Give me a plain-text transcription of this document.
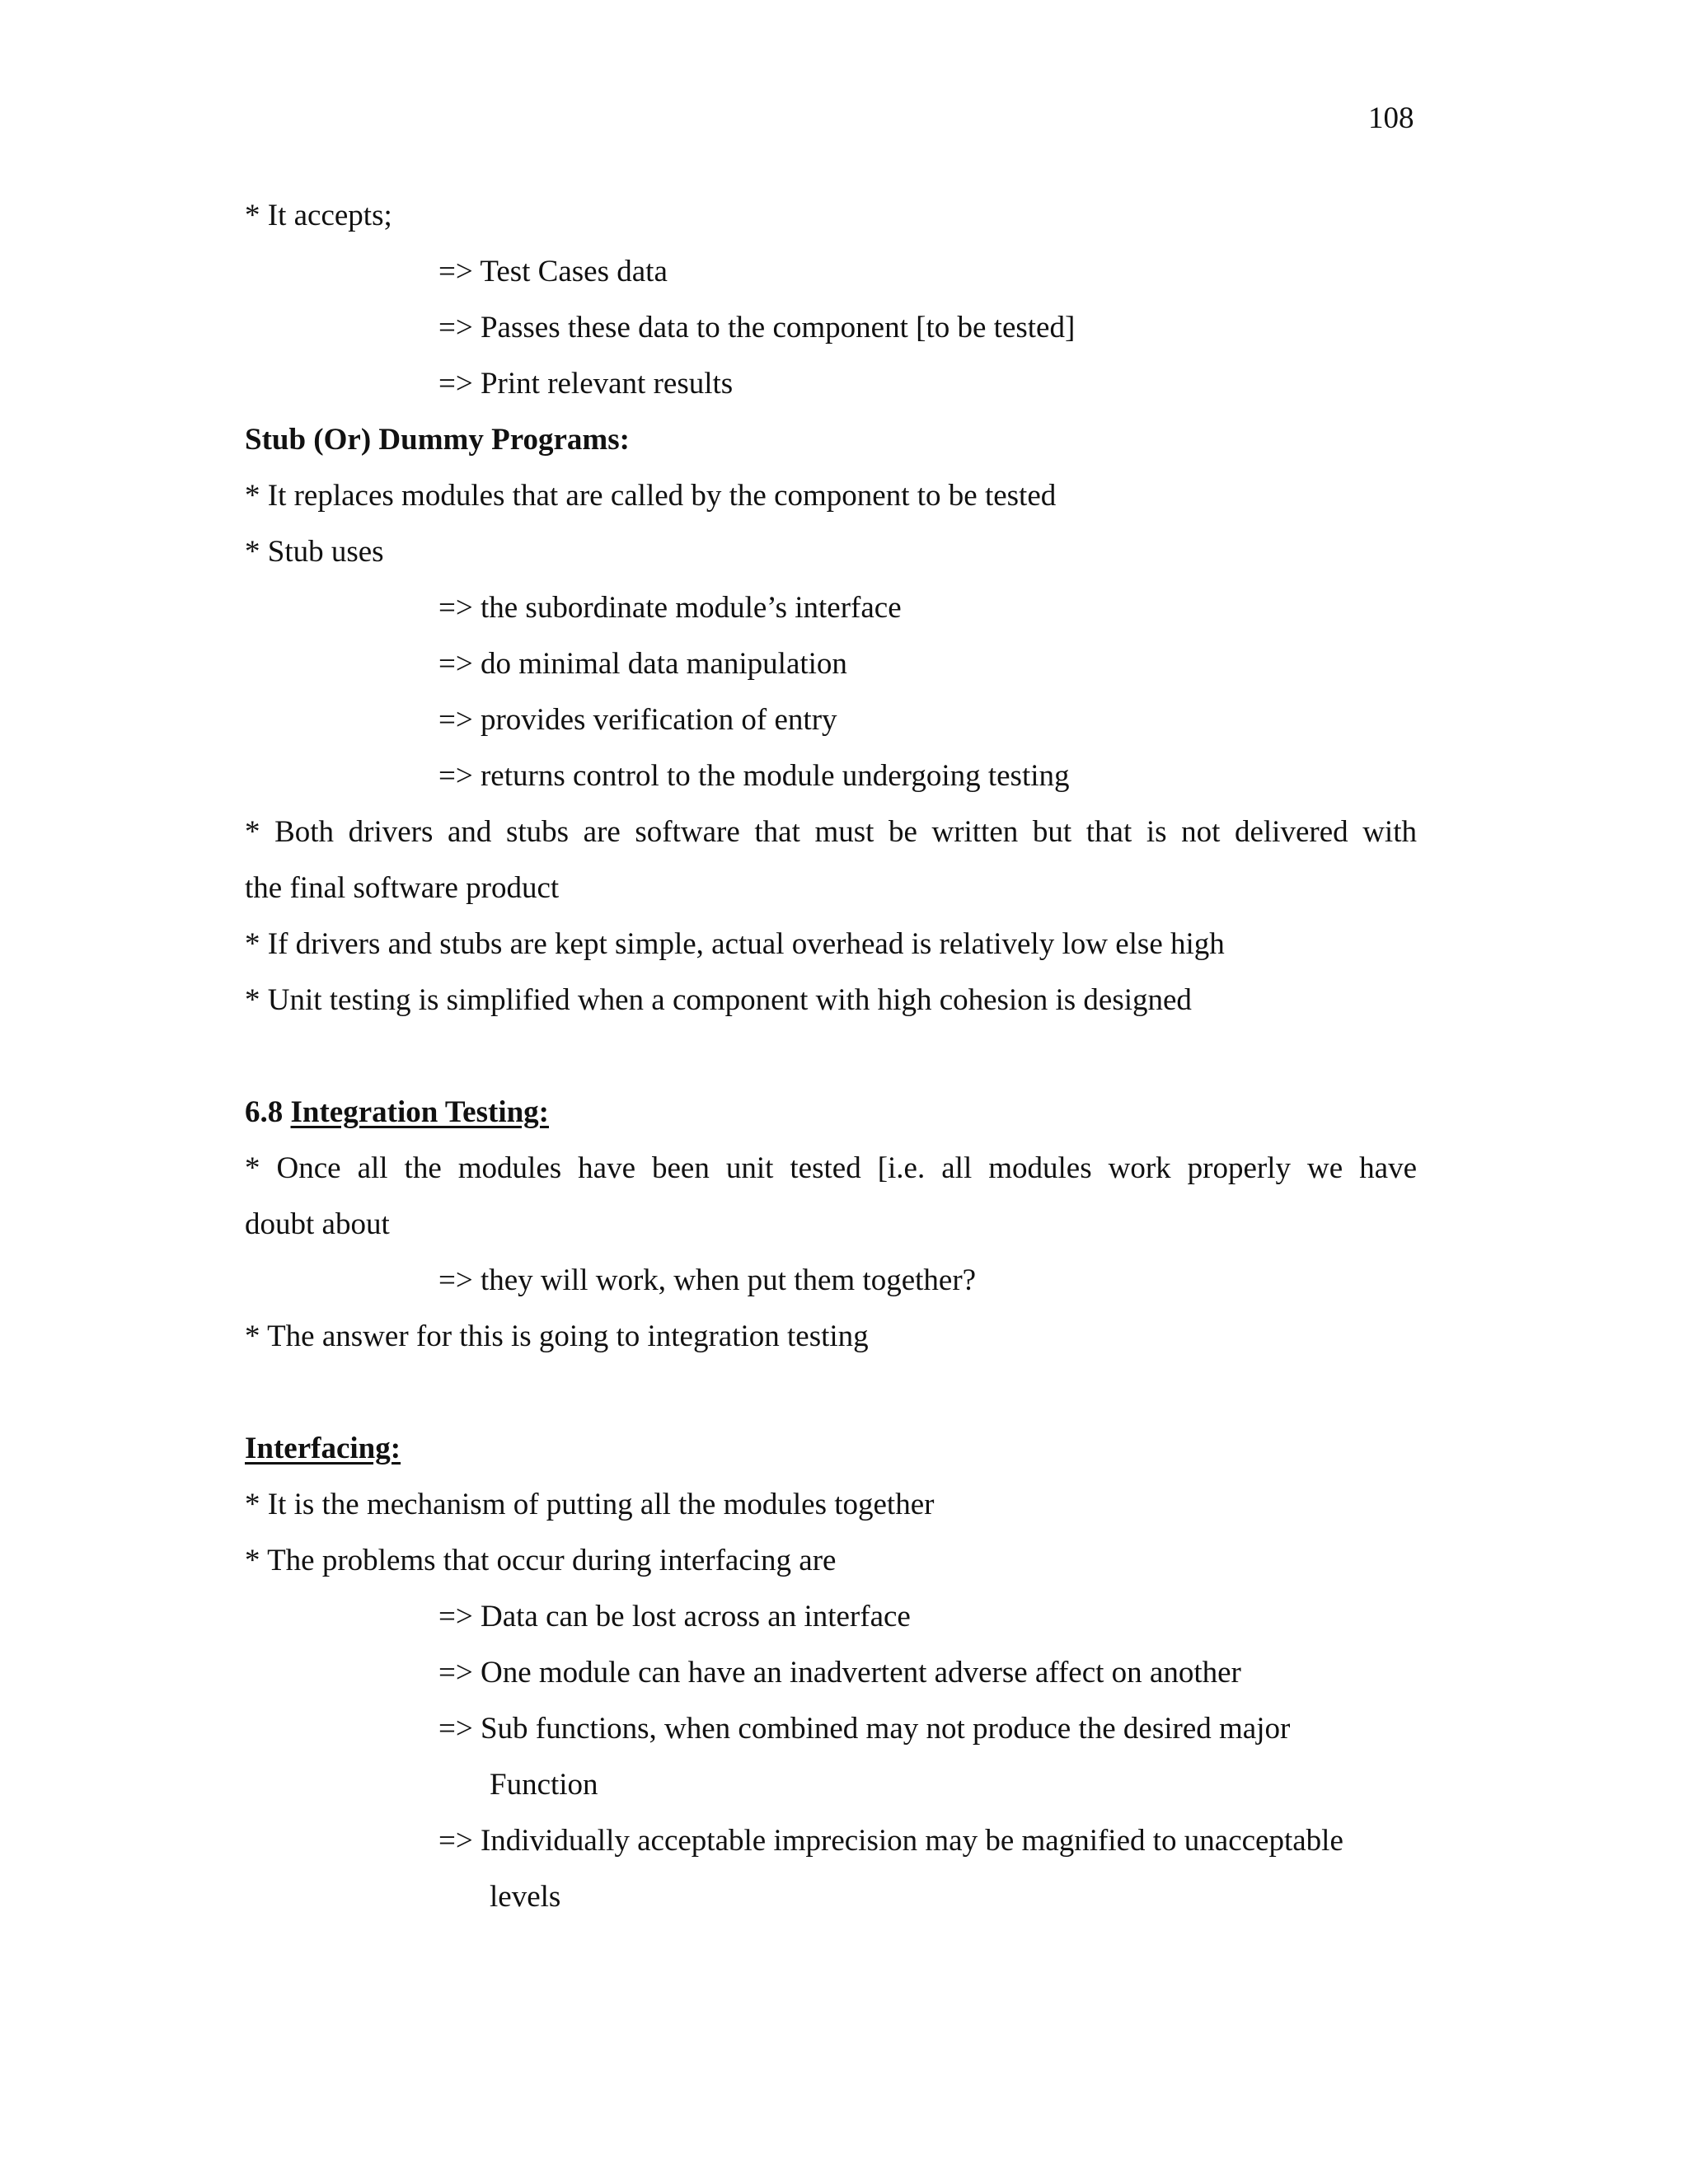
108
* It accepts;
=> Test Cases data
=> Passes these data to the component [to be tested]
=> Print relevant results
Stub (Or) Dummy Programs:
* It replaces modules that are called by the component to be tested
* Stub uses
=> the subordinate module’s interface
=> do minimal data manipulation
=> provides verification of entry
=> returns control to the module undergoing testing
* Both drivers and stubs are software that must be written but that is not delivered with
the final software product
* If drivers and stubs are kept simple, actual overhead is relatively low else high
* Unit testing is simplified when a component with high cohesion is designed
6.8 Integration Testing:
* Once all the modules have been unit tested [i.e. all modules work properly we have
doubt about
=> they will work, when put them together?
* The answer for this is going to integration testing
Interfacing:
* It is the mechanism of putting all the modules together
* The problems that occur during interfacing are
=> Data can be lost across an interface
=> One module can have an inadvertent adverse affect on another
=> Sub functions, when combined may not produce the desired major
Function
=> Individually acceptable imprecision may be magnified to unacceptable
levels
